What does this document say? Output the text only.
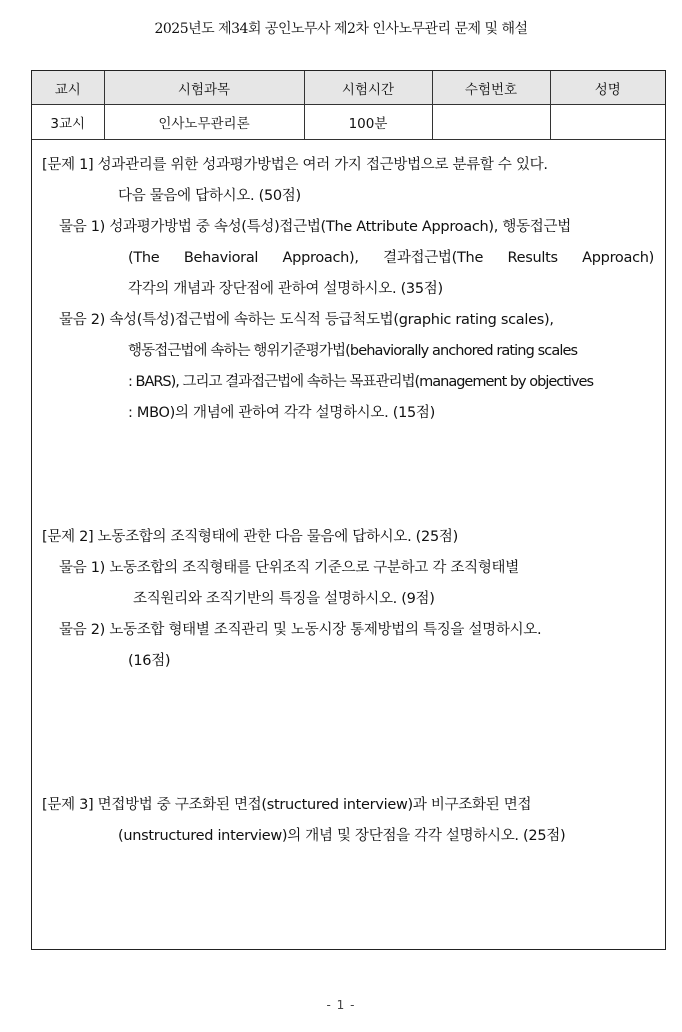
2025년도 제34회 공인노무사 제2차 인사노무관리 문제 및 해설
교시	시험과목	시험시간	수험번호	성명
3교시	인사노무관리론	100분		
[문제 1] 성과관리를 위한 성과평가방법은 여러 가지 접근방법으로 분류할 수 있다.
다음 물음에 답하시오. (50점)
물음 1) 성과평가방법 중 속성(특성)접근법(The Attribute Approach), 행동접근법
(The Behavioral Approach), 결과접근법(The Results Approach)
각각의 개념과 장단점에 관하여 설명하시오. (35점)
물음 2) 속성(특성)접근법에 속하는 도식적 등급척도법(graphic rating scales),
행동접근법에 속하는 행위기준평가법(behaviorally anchored rating scales
: BARS), 그리고 결과접근법에 속하는 목표관리법(management by objectives
: MBO)의 개념에 관하여 각각 설명하시오. (15점)
[문제 2] 노동조합의 조직형태에 관한 다음 물음에 답하시오. (25점)
물음 1) 노동조합의 조직형태를 단위조직 기준으로 구분하고 각 조직형태별
조직원리와 조직기반의 특징을 설명하시오. (9점)
물음 2) 노동조합 형태별 조직관리 및 노동시장 통제방법의 특징을 설명하시오.
(16점)
[문제 3] 면접방법 중 구조화된 면접(structured interview)과 비구조화된 면접
(unstructured interview)의 개념 및 장단점을 각각 설명하시오. (25점)
- 1 -
